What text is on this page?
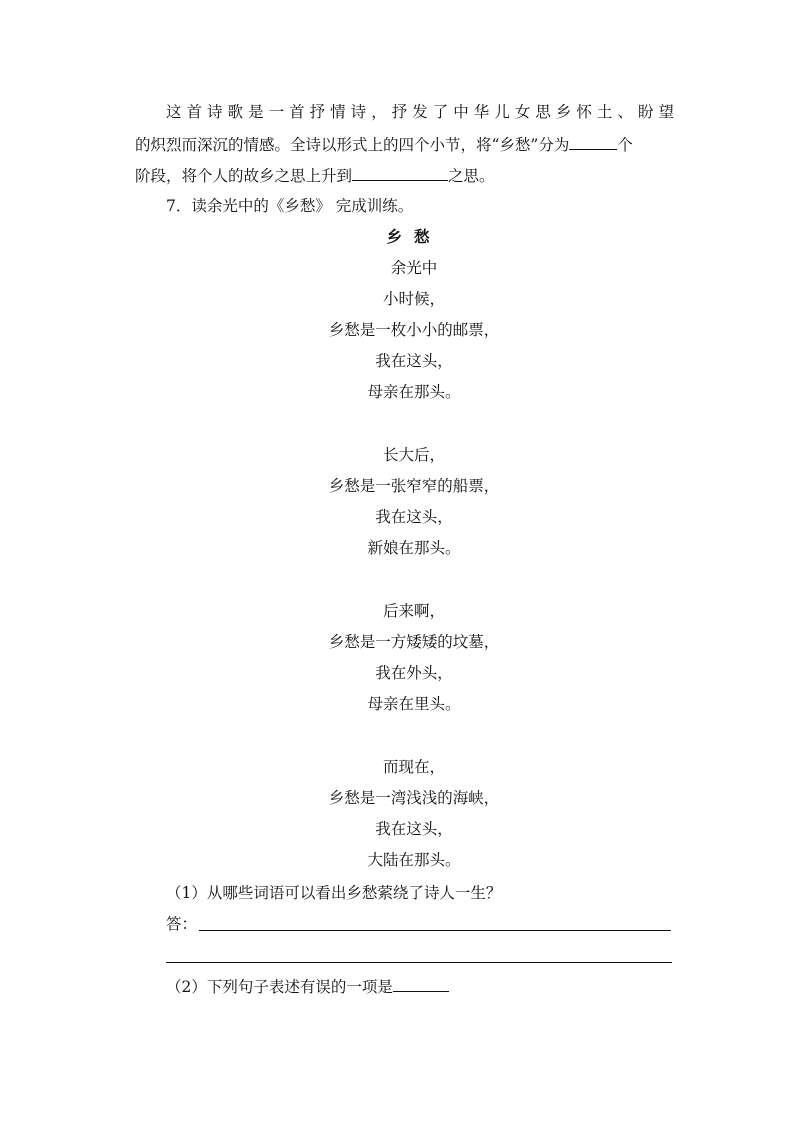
这首诗歌是一首抒情诗，抒发了中华儿女思乡怀土、盼望
的炽烈而深沉的情感。全诗以形式上的四个小节，将“乡愁”分为	个
阶段，将个人的故乡之思上升到	之思。
7．读余光中的《乡愁》 完成训练。
乡愁
余光中
小时候，
乡愁是一枚小小的邮票，
我在这头，
母亲在那头。
长大后，
乡愁是一张窄窄的船票，
我在这头，
新娘在那头。
后来啊，
乡愁是一方矮矮的坟墓，
我在外头，
母亲在里头。
而现在，
乡愁是一湾浅浅的海峡，
我在这头，
大陆在那头。
（1）从哪些词语可以看出乡愁萦绕了诗人一生？
答：
（2）下列句子表述有误的一项是
